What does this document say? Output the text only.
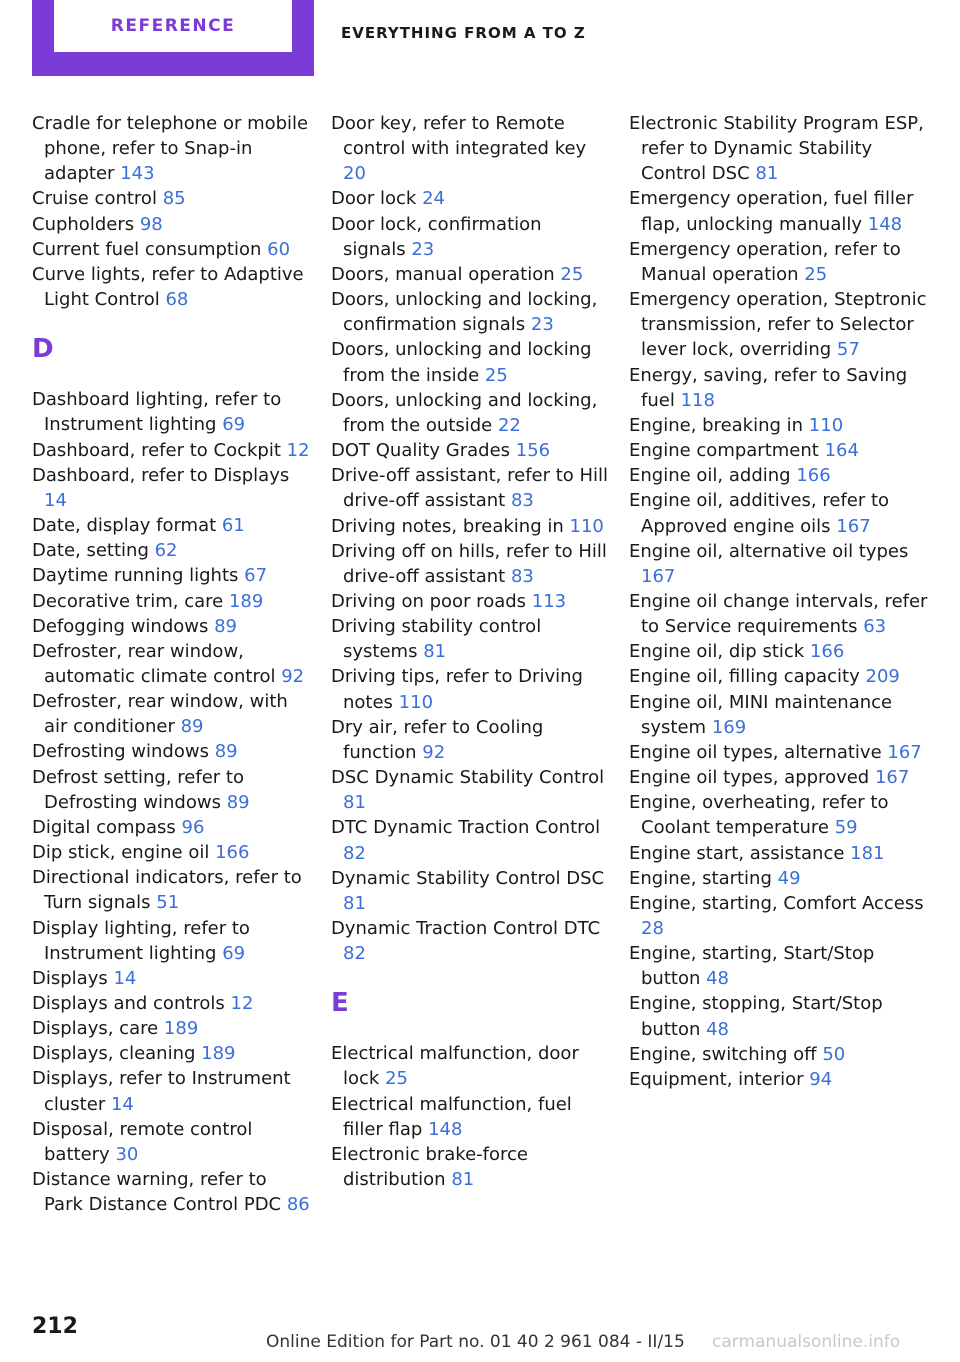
REFERENCE	EVERYTHING FROM A TO Z

Cradle for telephone or mobile phone, refer to Snap-in adapter 143

Cruise control 85

Cupholders 98

Current fuel consumption 60

Curve lights, refer to Adaptive Light Control 68

D

Dashboard lighting, refer to Instrument lighting 69

Dashboard, refer to Cockpit 12

Dashboard, refer to Displays 14

Date, display format 61

Date, setting 62

Daytime running lights 67

Decorative trim, care 189

Defogging windows 89

Defroster, rear window, automatic climate control 92

Defroster, rear window, with air conditioner 89

Defrosting windows 89

Defrost setting, refer to Defrosting windows 89

Digital compass 96

Dip stick, engine oil 166

Directional indicators, refer to Turn signals 51

Display lighting, refer to Instrument lighting 69

Displays 14

Displays and controls 12

Displays, care 189

Displays, cleaning 189

Displays, refer to Instrument cluster 14

Disposal, remote control battery 30

Distance warning, refer to Park Distance Control PDC 86

Door key, refer to Remote control with integrated key 20

Door lock 24

Door lock, confirmation signals 23

Doors, manual operation 25

Doors, unlocking and locking, confirmation signals 23

Doors, unlocking and locking from the inside 25

Doors, unlocking and locking, from the outside 22

DOT Quality Grades 156

Drive-off assistant, refer to Hill drive-off assistant 83

Driving notes, breaking in 110

Driving off on hills, refer to Hill drive-off assistant 83

Driving on poor roads 113

Driving stability control systems 81

Driving tips, refer to Driving notes 110

Dry air, refer to Cooling function 92

DSC Dynamic Stability Control 81

DTC Dynamic Traction Control 82

Dynamic Stability Control DSC 81

Dynamic Traction Control DTC 82

E

Electrical malfunction, door lock 25

Electrical malfunction, fuel filler flap 148

Electronic brake-force distribution 81

Electronic Stability Program ESP, refer to Dynamic Stability Control DSC 81

Emergency operation, fuel filler flap, unlocking manually 148

Emergency operation, refer to Manual operation 25

Emergency operation, Steptronic transmission, refer to Selector lever lock, overriding 57

Energy, saving, refer to Saving fuel 118

Engine, breaking in 110

Engine compartment 164

Engine oil, adding 166

Engine oil, additives, refer to Approved engine oils 167

Engine oil, alternative oil types 167

Engine oil change intervals, refer to Service requirements 63

Engine oil, dip stick 166

Engine oil, filling capacity 209

Engine oil, MINI maintenance system 169

Engine oil types, alternative 167

Engine oil types, approved 167

Engine, overheating, refer to Coolant temperature 59

Engine start, assistance 181

Engine, starting 49

Engine, starting, Comfort Access 28

Engine, starting, Start/Stop button 48

Engine, stopping, Start/Stop button 48

Engine, switching off 50

Equipment, interior 94

212
Online Edition for Part no. 01 40 2 961 084 - II/15 carmanualsonline.info
